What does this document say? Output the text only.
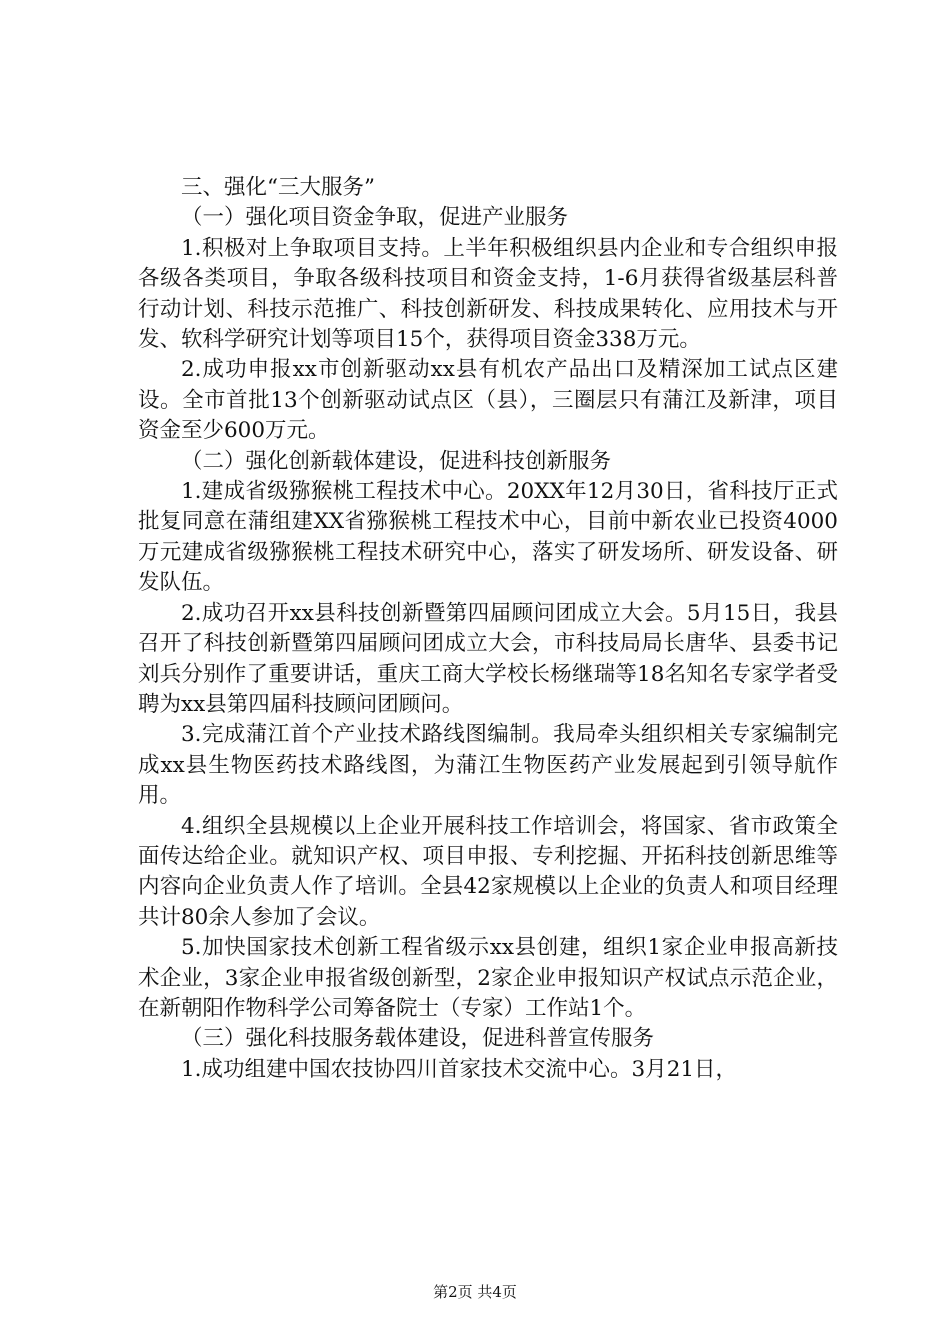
三、强化“三大服务”

（一）强化项目资金争取，促进产业服务

1.积极对上争取项目支持。上半年积极组织县内企业和专合组织申报各级各类项目，争取各级科技项目和资金支持，1-6月获得省级基层科普行动计划、科技示范推广、科技创新研发、科技成果转化、应用技术与开发、软科学研究计划等项目15个，获得项目资金338万元。

2.成功申报xx市创新驱动xx县有机农产品出口及精深加工试点区建设。全市首批13个创新驱动试点区（县），三圈层只有蒲江及新津，项目资金至少600万元。

（二）强化创新载体建设，促进科技创新服务

1.建成省级猕猴桃工程技术中心。20XX年12月30日，省科技厅正式批复同意在蒲组建XX省猕猴桃工程技术中心，目前中新农业已投资4000万元建成省级猕猴桃工程技术研究中心，落实了研发场所、研发设备、研发队伍。

2.成功召开xx县科技创新暨第四届顾问团成立大会。5月15日，我县召开了科技创新暨第四届顾问团成立大会，市科技局局长唐华、县委书记刘兵分别作了重要讲话，重庆工商大学校长杨继瑞等18名知名专家学者受聘为xx县第四届科技顾问团顾问。

3.完成蒲江首个产业技术路线图编制。我局牵头组织相关专家编制完成xx县生物医药技术路线图，为蒲江生物医药产业发展起到引领导航作用。

4.组织全县规模以上企业开展科技工作培训会，将国家、省市政策全面传达给企业。就知识产权、项目申报、专利挖掘、开拓科技创新思维等内容向企业负责人作了培训。全县42家规模以上企业的负责人和项目经理共计80余人参加了会议。

5.加快国家技术创新工程省级示xx县创建，组织1家企业申报高新技术企业，3家企业申报省级创新型，2家企业申报知识产权试点示范企业，在新朝阳作物科学公司筹备院士（专家）工作站1个。

（三）强化科技服务载体建设，促进科普宣传服务

1.成功组建中国农技协四川首家技术交流中心。3月21日，

第2页 共4页
